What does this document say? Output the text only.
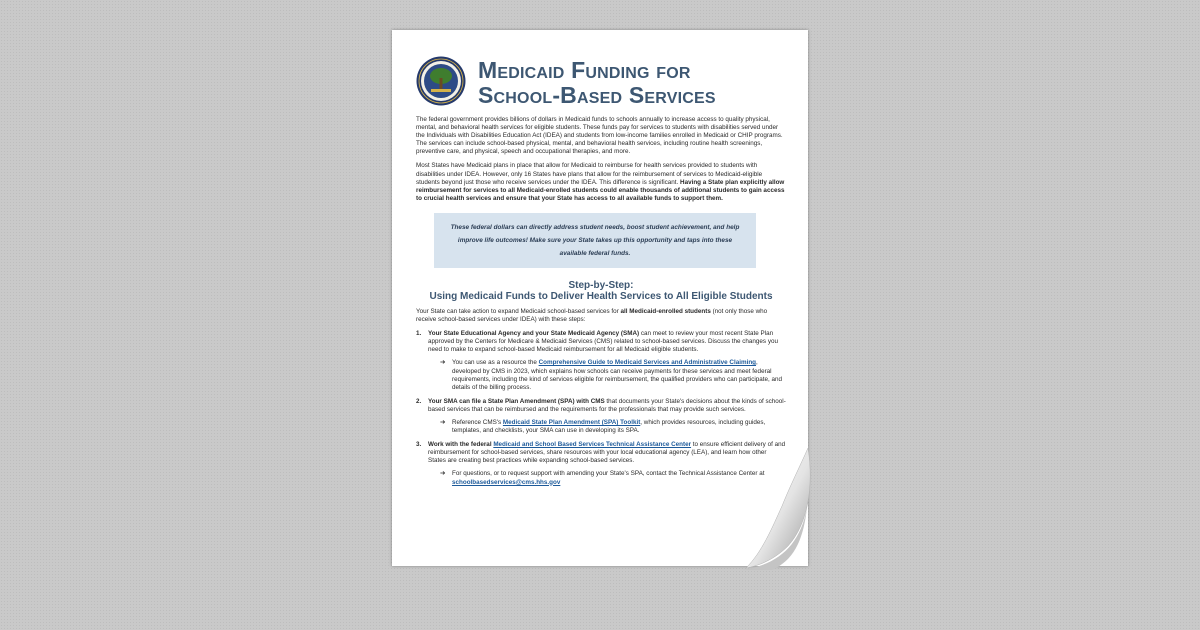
Medicaid Funding for
School-Based Services

The federal government provides billions of dollars in Medicaid funds to schools annually to increase access to quality physical, mental, and behavioral health services for eligible students. These funds pay for services to students with disabilities served under the Individuals with Disabilities Education Act (IDEA) and students from low-income families enrolled in Medicaid or CHIP programs. The services can include school-based physical, mental, and behavioral health services, including routine health screenings, preventive care, and physical, speech and occupational therapies, and more.

Most States have Medicaid plans in place that allow for Medicaid to reimburse for health services provided to students with disabilities under IDEA. However, only 16 States have plans that allow for the reimbursement of services to Medicaid-eligible students beyond just those who receive services under the IDEA. This difference is significant. Having a State plan explicitly allow reimbursement for services to all Medicaid-enrolled students could enable thousands of additional students to gain access to crucial health services and ensure that your State has access to all available funds to support them.

These federal dollars can directly address student needs, boost student achievement, and help improve life outcomes! Make sure your State takes up this opportunity and taps into these available federal funds.
Step-by-Step:
Using Medicaid Funds to Deliver Health Services to All Eligible Students

Your State can take action to expand Medicaid school-based services for all Medicaid-enrolled students (not only those who receive school-based services under IDEA) with these steps:

1. Your State Educational Agency and your State Medicaid Agency (SMA) can meet to review your most recent State Plan approved by the Centers for Medicare & Medicaid Services (CMS) related to school-based services. Discuss the changes you need to make to expand school-based Medicaid reimbursement for all Medicaid eligible students.
➔ You can use as a resource the Comprehensive Guide to Medicaid Services and Administrative Claiming, developed by CMS in 2023, which explains how schools can receive payments for these services and meet federal requirements, including the kind of services eligible for reimbursement, the qualified providers who can participate, and details of the billing process.
2. Your SMA can file a State Plan Amendment (SPA) with CMS that documents your State's decisions about the kinds of school-based services that can be reimbursed and the requirements for the professionals that may provide such services.
➔ Reference CMS's Medicaid State Plan Amendment (SPA) Toolkit, which provides resources, including guides, templates, and checklists, your SMA can use in developing its SPA.
3. Work with the federal Medicaid and School Based Services Technical Assistance Center to ensure efficient delivery of and reimbursement for school-based services, share resources with your local educational agency (LEA), and learn how other States are creating best practices while expanding school-based services.
➔ For questions, or to request support with amending your State's SPA, contact the Technical Assistance Center at schoolbasedservices@cms.hhs.gov
